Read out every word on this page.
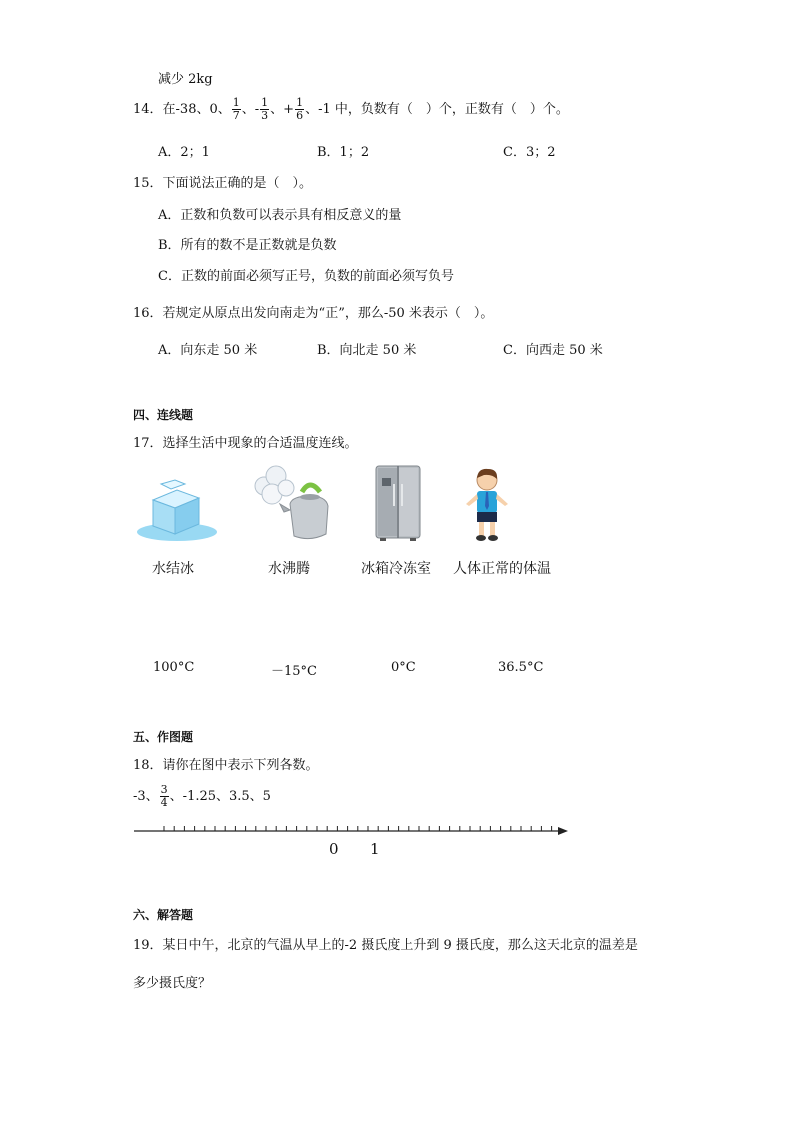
减少 2kg
14．在-38、0、 $\frac{1}{7}$ 、- $\frac{1}{3}$ 、+ $\frac{1}{6}$ 、-1 中，负数有（　）个，正数有（　）个。
A．2；1	B．1；2	C．3；2
15．下面说法正确的是（　）。
A．正数和负数可以表示具有相反意义的量
B．所有的数不是正数就是负数
C．正数的前面必须写正号，负数的前面必须写负号
16．若规定从原点出发向南走为“正”，那么-50 米表示（　）。
A．向东走 50 米	B．向北走 50 米	C．向西走 50 米
四、连线题
17．选择生活中现象的合适温度连线。
水结冰	水沸腾	冰箱冷冻室 人体正常的体温
100°C	－15°C	0°C	36.5°C
五、作图题
18．请你在图中表示下列各数。
-3、 $\frac{3}{4}$ 、-1.25、3.5、5
0 1
六、解答题
19．某日中午，北京的气温从早上的-2 摄氏度上升到 9 摄氏度，那么这天北京的温差是
多少摄氏度？
